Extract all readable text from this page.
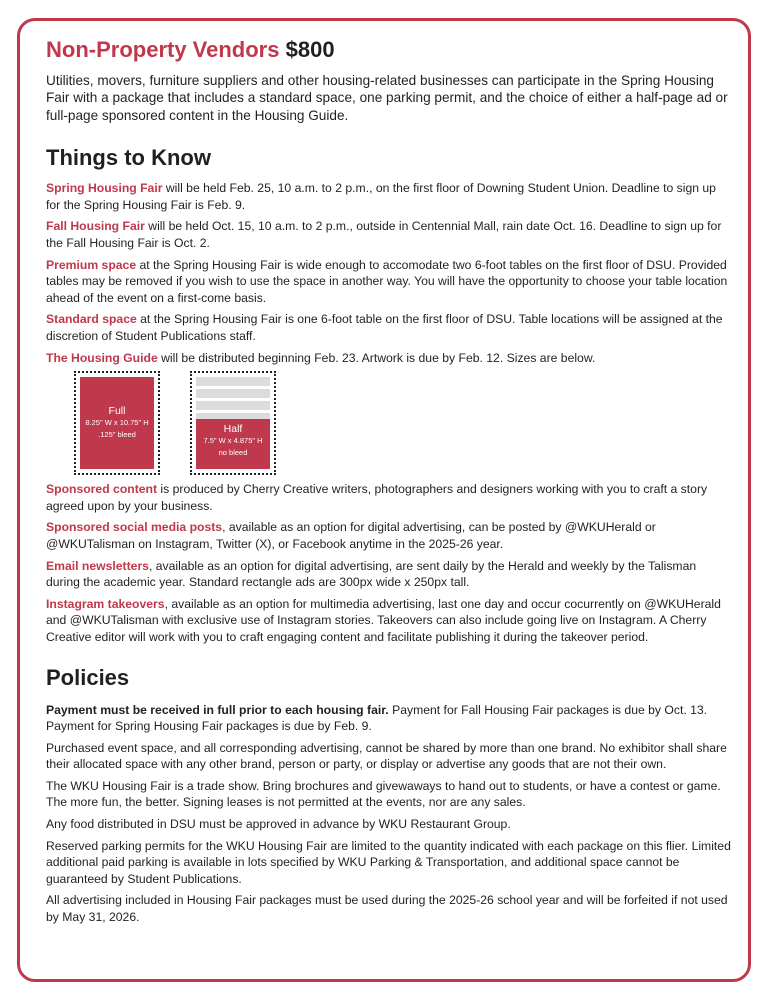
Non-Property Vendors $800

Utilities, movers, furniture suppliers and other housing-related businesses can participate in the Spring Housing Fair with a package that includes a standard space, one parking permit, and the choice of either a half-page ad or full-page sponsored content in the Housing Guide.

Things to Know

Spring Housing Fair will be held Feb. 25, 10 a.m. to 2 p.m., on the first floor of Downing Student Union. Deadline to sign up for the Spring Housing Fair is Feb. 9.

Fall Housing Fair will be held Oct. 15, 10 a.m. to 2 p.m., outside in Centennial Mall, rain date Oct. 16. Deadline to sign up for the Fall Housing Fair is Oct. 2.

Premium space at the Spring Housing Fair is wide enough to accomodate two 6-foot tables on the first floor of DSU. Provided tables may be removed if you wish to use the space in another way. You will have the opportunity to choose your table location ahead of the event on a first-come basis.

Standard space at the Spring Housing Fair is one 6-foot table on the first floor of DSU. Table locations will be assigned at the discretion of Student Publications staff.

The Housing Guide will be distributed beginning Feb. 23. Artwork is due by Feb. 12. Sizes are below.

Full
8.25" W x 10.75" H
.125" bleed	Half
7.5" W x 4.875" H
no bleed

Sponsored content is produced by Cherry Creative writers, photographers and designers working with you to craft a story agreed upon by your business.

Sponsored social media posts, available as an option for digital advertising, can be posted by @WKUHerald or @WKUTalisman on Instagram, Twitter (X), or Facebook anytime in the 2025-26 year.

Email newsletters, available as an option for digital advertising, are sent daily by the Herald and weekly by the Talisman during the academic year. Standard rectangle ads are 300px wide x 250px tall.

Instagram takeovers, available as an option for multimedia advertising, last one day and occur cocurrently on @WKUHerald and @WKUTalisman with exclusive use of Instagram stories. Takeovers can also include going live on Instagram. A Cherry Creative editor will work with you to craft engaging content and facilitate publishing it during the takeover period.

Policies

Payment must be received in full prior to each housing fair. Payment for Fall Housing Fair packages is due by Oct. 13. Payment for Spring Housing Fair packages is due by Feb. 9.

Purchased event space, and all corresponding advertising, cannot be shared by more than one brand. No exhibitor shall share their allocated space with any other brand, person or party, or display or advertise any goods that are not their own.

The WKU Housing Fair is a trade show. Bring brochures and givewaways to hand out to students, or have a contest or game. The more fun, the better. Signing leases is not permitted at the events, nor are any sales.

Any food distributed in DSU must be approved in advance by WKU Restaurant Group.

Reserved parking permits for the WKU Housing Fair are limited to the quantity indicated with each package on this flier. Limited additional paid parking is available in lots specified by WKU Parking & Transportation, and additional space cannot be guaranteed by Student Publications.

All advertising included in Housing Fair packages must be used during the 2025-26 school year and will be forfeited if not used by May 31, 2026.
